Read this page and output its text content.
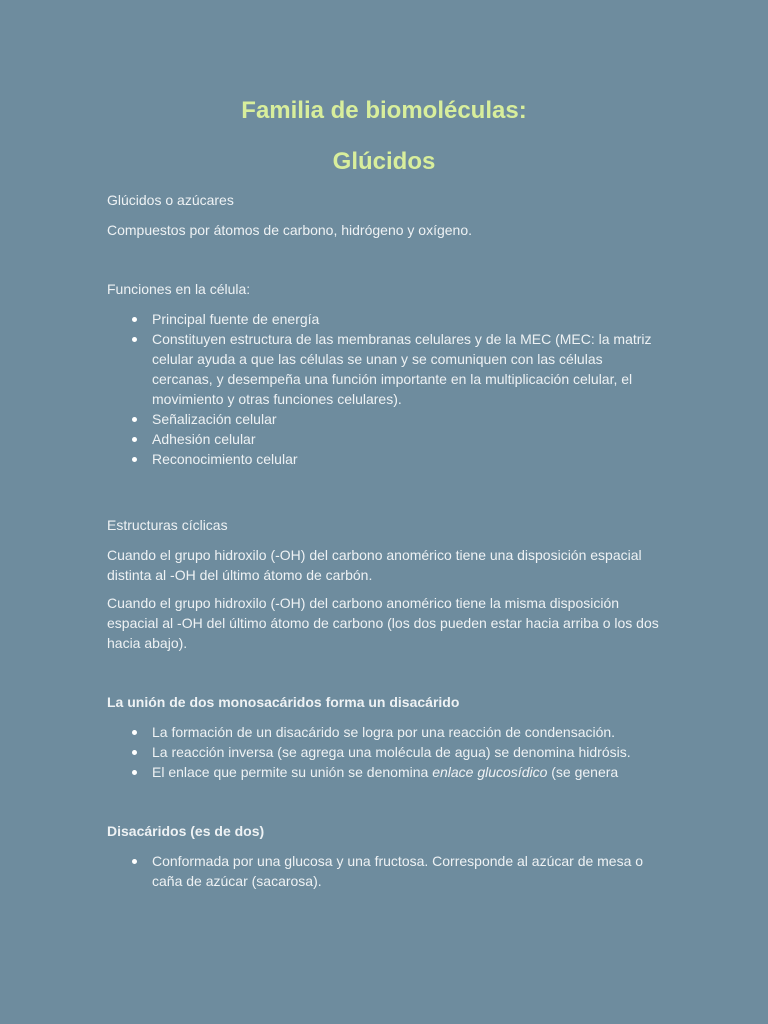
Familia de biomoléculas:
Glúcidos

Glúcidos o azúcares

Compuestos por átomos de carbono, hidrógeno y oxígeno.

Funciones en la célula:

Principal fuente de energía
Constituyen estructura de las membranas celulares y de la MEC (MEC: la matriz celular ayuda a que las células se unan y se comuniquen con las células cercanas, y desempeña una función importante en la multiplicación celular, el movimiento y otras funciones celulares).
Señalización celular
Adhesión celular
Reconocimiento celular

Estructuras cíclicas

Cuando el grupo hidroxilo (-OH) del carbono anomérico tiene una disposición espacial distinta al -OH del último átomo de carbón.

Cuando el grupo hidroxilo (-OH) del carbono anomérico tiene la misma disposición espacial al -OH del último átomo de carbono (los dos pueden estar hacia arriba o los dos hacia abajo).

La unión de dos monosacáridos forma un disacárido

La formación de un disacárido se logra por una reacción de condensación.
La reacción inversa (se agrega una molécula de agua) se denomina hidrósis.
El enlace que permite su unión se denomina enlace glucosídico (se genera

Disacáridos (es de dos)

Conformada por una glucosa y una fructosa. Corresponde al azúcar de mesa o caña de azúcar (sacarosa).
